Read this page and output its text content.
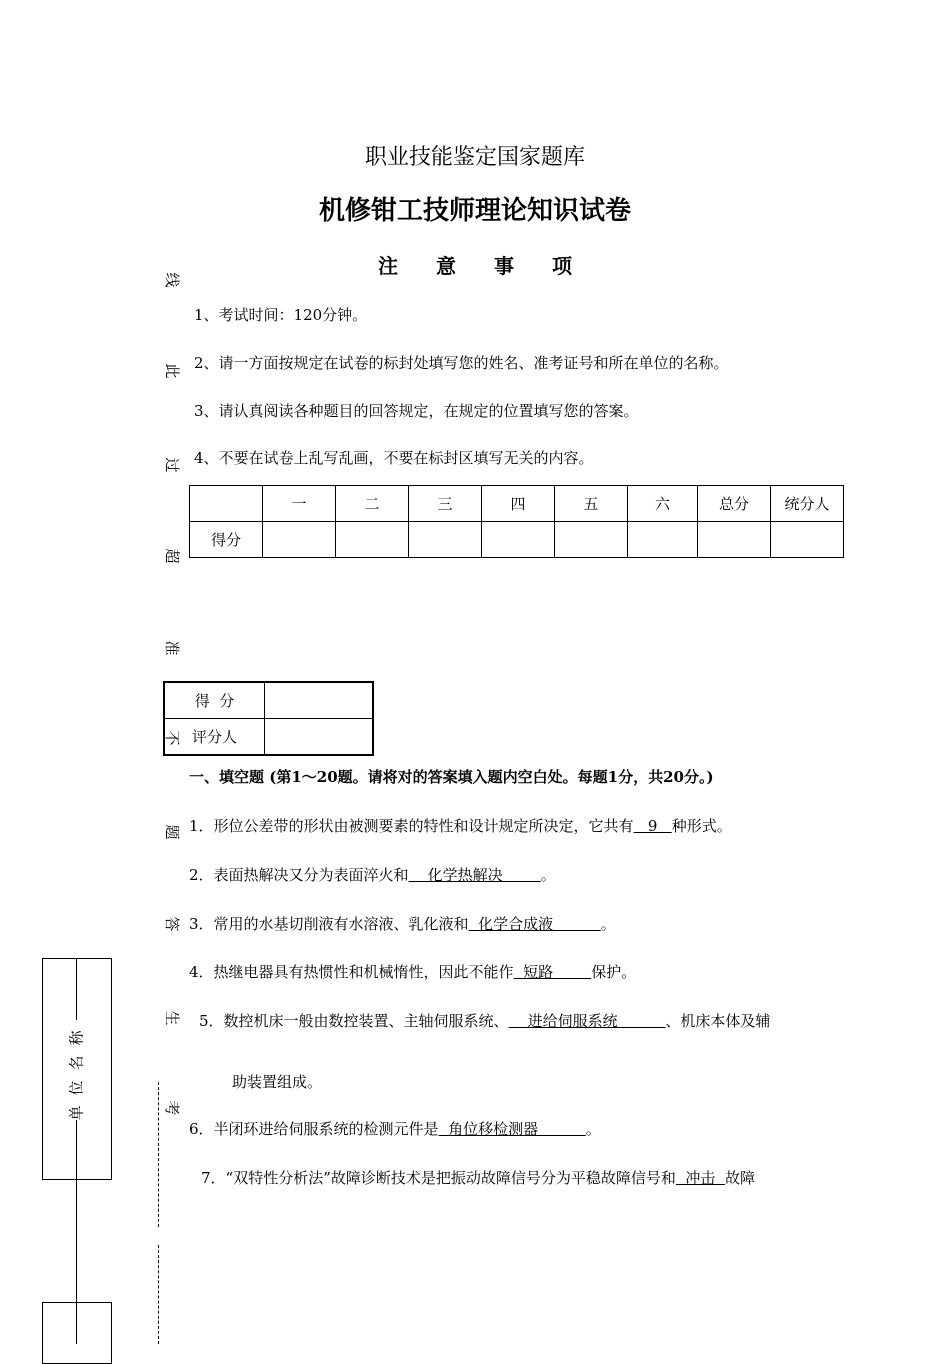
职业技能鉴定国家题库
机修钳工技师理论知识试卷
注意事项
线
此
过
超
准
不
题
答
生
考
单位名称
1、考试时间：120分钟。
2、请一方面按规定在试卷的标封处填写您的姓名、准考证号和所在单位的名称。
3、请认真阅读各种题目的回答规定，在规定的位置填写您的答案。
4、不要在试卷上乱写乱画，不要在标封区填写无关的内容。
	一	二	三	四	五	六	总分	统分人
得分								
得  分	
评分人	
一、填空题 (第1～20题。请将对的答案填入题内空白处。每题1分，共20分。)
1．形位公差带的形状由被测要素的特性和设计规定所决定，它共有   9   种形式。
2．表面热解决又分为表面淬火和    化学热解决        。
3．常用的水基切削液有水溶液、乳化液和  化学合成液          。
4．热继电器具有热惯性和机械惰性，因此不能作  短路        保护。
5．数控机床一般由数控装置、主轴伺服系统、    进给伺服系统          、机床本体及辅
助装置组成。
6．半闭环进给伺服系统的检测元件是  角位移检测器          。
7．“双特性分析法”故障诊断技术是把振动故障信号分为平稳故障信号和  冲击  故障
